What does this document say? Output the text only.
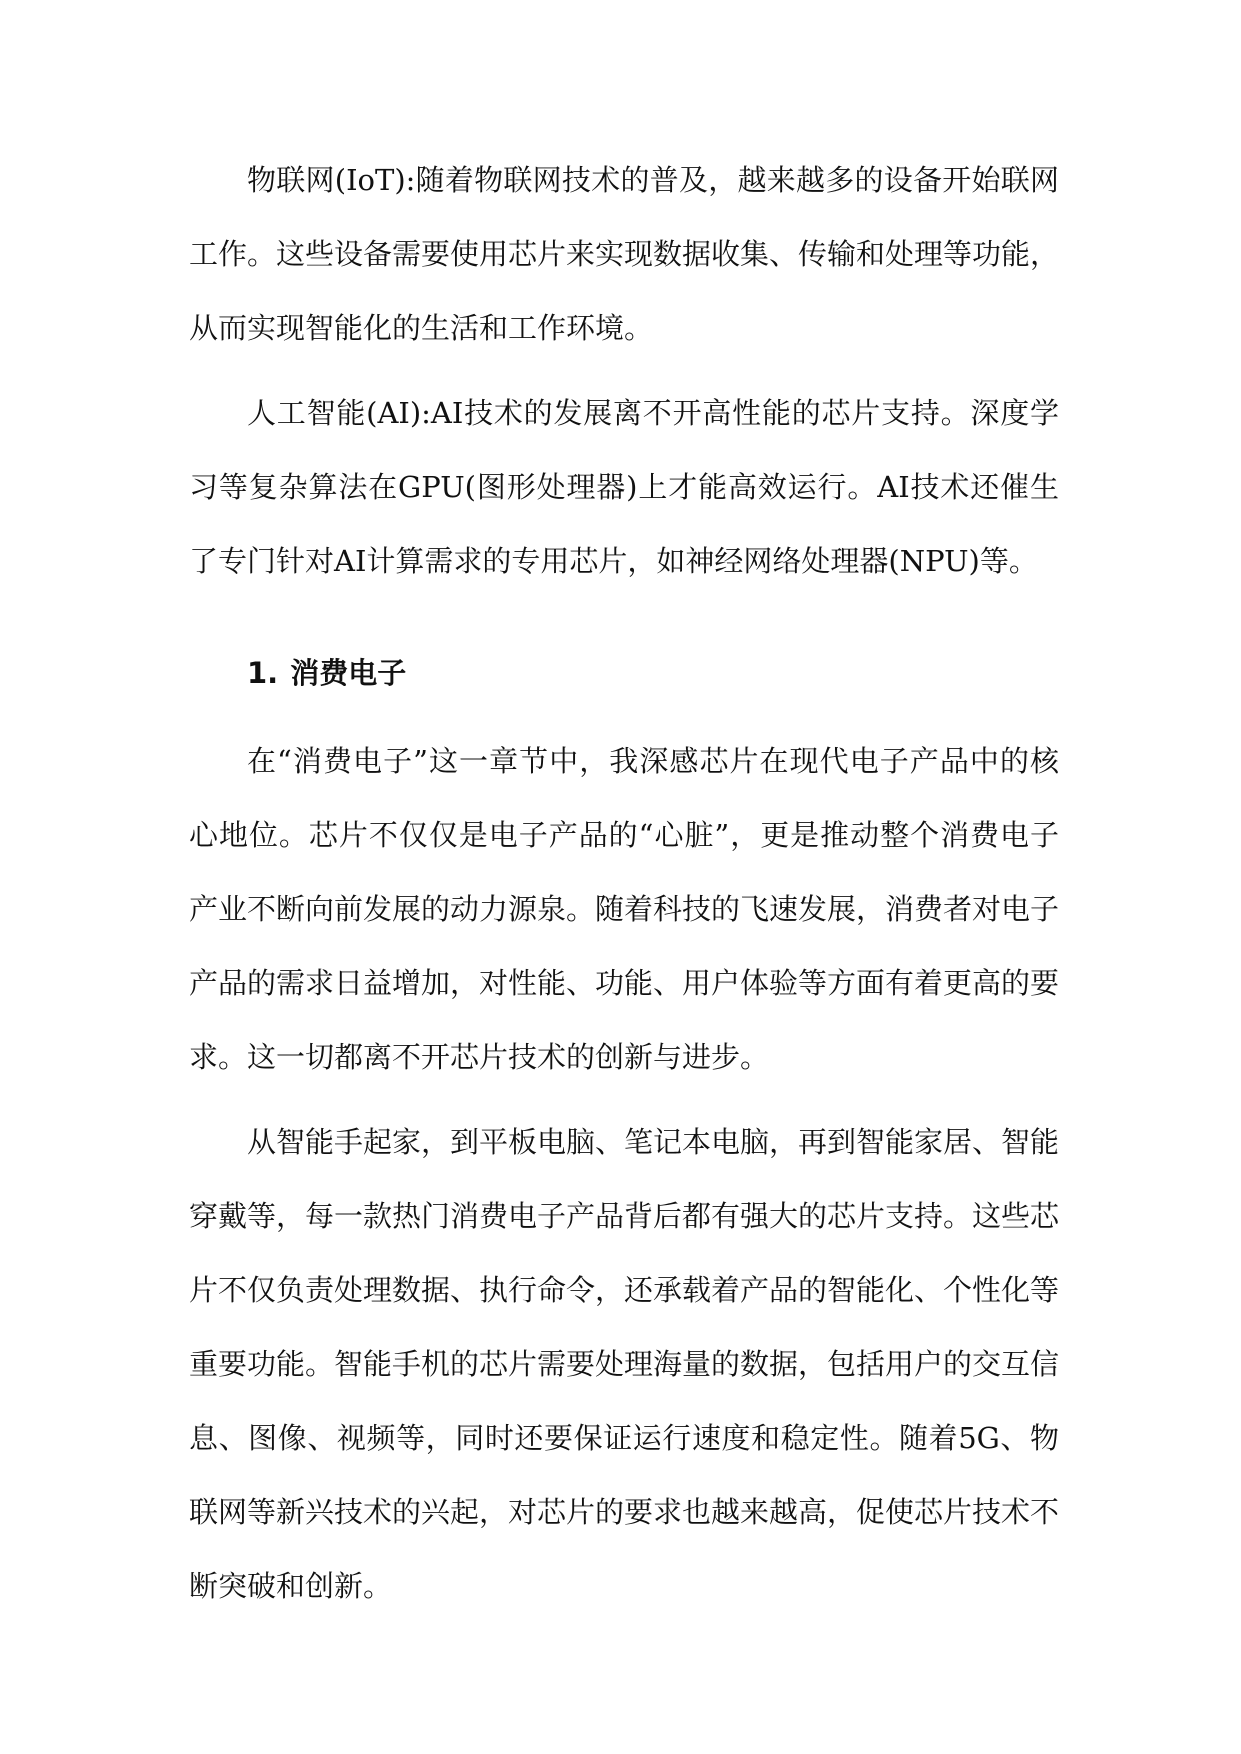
物联网(IoT):随着物联网技术的普及，越来越多的设备开始联网工作。这些设备需要使用芯片来实现数据收集、传输和处理等功能，从而实现智能化的生活和工作环境。

人工智能(AI):AI技术的发展离不开高性能的芯片支持。深度学习等复杂算法在GPU(图形处理器)上才能高效运行。AI技术还催生了专门针对AI计算需求的专用芯片，如神经网络处理器(NPU)等。

1. 消费电子

在“消费电子”这一章节中，我深感芯片在现代电子产品中的核心地位。芯片不仅仅是电子产品的“心脏”，更是推动整个消费电子产业不断向前发展的动力源泉。随着科技的飞速发展，消费者对电子产品的需求日益增加，对性能、功能、用户体验等方面有着更高的要求。这一切都离不开芯片技术的创新与进步。

从智能手起家，到平板电脑、笔记本电脑，再到智能家居、智能穿戴等，每一款热门消费电子产品背后都有强大的芯片支持。这些芯片不仅负责处理数据、执行命令，还承载着产品的智能化、个性化等重要功能。智能手机的芯片需要处理海量的数据，包括用户的交互信息、图像、视频等，同时还要保证运行速度和稳定性。随着5G、物联网等新兴技术的兴起，对芯片的要求也越来越高，促使芯片技术不断突破和创新。
